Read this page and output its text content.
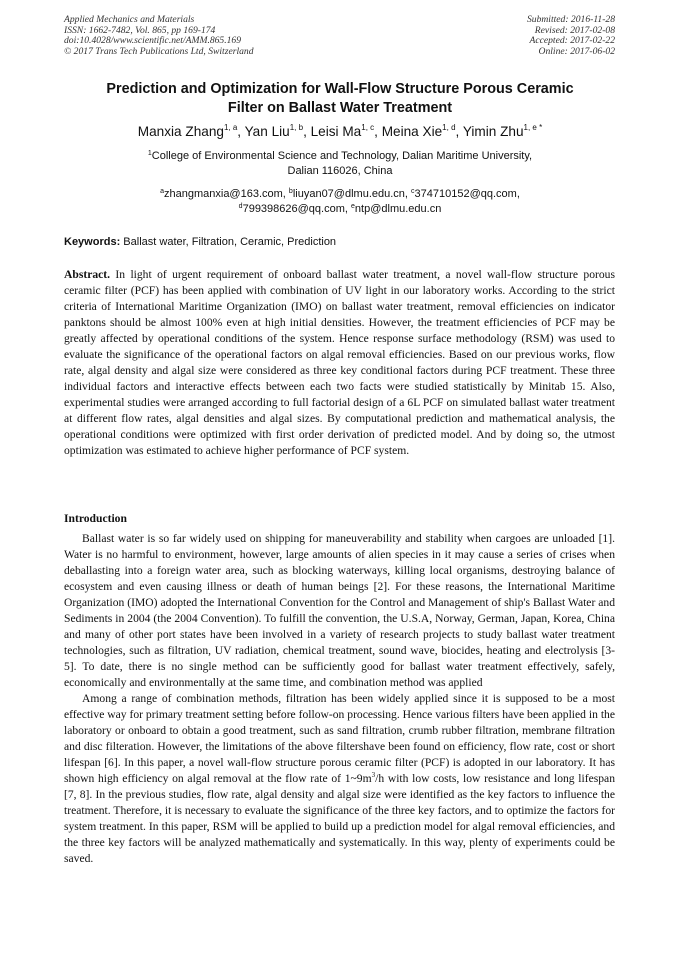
Applied Mechanics and Materials
ISSN: 1662-7482, Vol. 865, pp 169-174
doi:10.4028/www.scientific.net/AMM.865.169
© 2017 Trans Tech Publications Ltd, Switzerland
Submitted: 2016-11-28
Revised: 2017-02-08
Accepted: 2017-02-22
Online: 2017-06-02
Prediction and Optimization for Wall-Flow Structure Porous Ceramic
Filter on Ballast Water Treatment
Manxia Zhang$^{1, a}$, Yan Liu$^{1, b}$, Leisi Ma$^{1, c}$, Meina Xie$^{1, d}$, Yimin Zhu$^{1, e *}$
$^1$College of Environmental Science and Technology, Dalian Maritime University,
Dalian 116026, China
$^a$zhangmanxia@163.com, $^b$liuyan07@dlmu.edu.cn, $^c$374710152@qq.com,
$^d$799398626@qq.com, $^e$ntp@dlmu.edu.cn
Keywords: Ballast water, Filtration, Ceramic, Prediction
Abstract. In light of urgent requirement of onboard ballast water treatment, a novel wall-flow structure porous ceramic filter (PCF) has been applied with combination of UV light in our laboratory works. According to the strict criteria of International Maritime Organization (IMO) on ballast water treatment, removal efficiencies on indicator panktons should be almost 100% even at high initial densities. However, the treatment efficiencies of PCF may be greatly affected by operational conditions of the system. Hence response surface methodology (RSM) was used to evaluate the significance of the operational factors on algal removal efficiencies. Based on our previous works, flow rate, algal density and algal size were considered as three key conditional factors during PCF treatment. These three individual factors and interactive effects between each two facts were studied statistically by Minitab 15. Also, experimental studies were arranged according to full factorial design of a 6L PCF on simulated ballast water treatment at different flow rates, algal densities and algal sizes. By computational prediction and mathematical analysis, the operational conditions were optimized with first order derivation of predicted model. And by doing so, the utmost optimization was estimated to achieve higher performance of PCF system.
Introduction

Ballast water is so far widely used on shipping for maneuverability and stability when cargoes are unloaded [1]. Water is no harmful to environment, however, large amounts of alien species in it may cause a series of crises when deballasting into a foreign water area, such as blocking waterways, killing local organisms, destroying balance of ecosystem and even causing illness or death of human beings [2]. For these reasons, the International Maritime Organization (IMO) adopted the International Convention for the Control and Management of ship's Ballast Water and Sediments in 2004 (the 2004 Convention). To fulfill the convention, the U.S.A, Norway, German, Japan, Korea, China and many of other port states have been involved in a variety of research projects to study ballast water treatment technologies, such as filtration, UV radiation, chemical treatment, sound wave, biocides, heating and electrolysis [3-5]. To date, there is no single method can be sufficiently good for ballast water treatment effectively, safely, economically and environmentally at the same time, and combination method was applied

Among a range of combination methods, filtration has been widely applied since it is supposed to be a most effective way for primary treatment setting before follow-on processing. Hence various filters have been applied in the laboratory or onboard to obtain a good treatment, such as sand filtration, crumb rubber filtration, membrane filtration and disc filteration. However, the limitations of the above filtershave been found on efficiency, flow rate, cost or short lifespan [6]. In this paper, a novel wall-flow structure porous ceramic filter (PCF) is adopted in our laboratory. It has shown high efficiency on algal removal at the flow rate of $1\sim 9m^3/h$ with low costs, low resistance and long lifespan [7, 8]. In the previous studies, flow rate, algal density and algal size were identified as the key factors to influence the treatment. Therefore, it is necessary to evaluate the significance of the three key factors, and to optimize the factors for system treatment. In this paper, RSM will be applied to build up a prediction model for algal removal efficiencies, and the three key factors will be analyzed mathematically and systematically. In this way, plenty of experiments could be saved.
